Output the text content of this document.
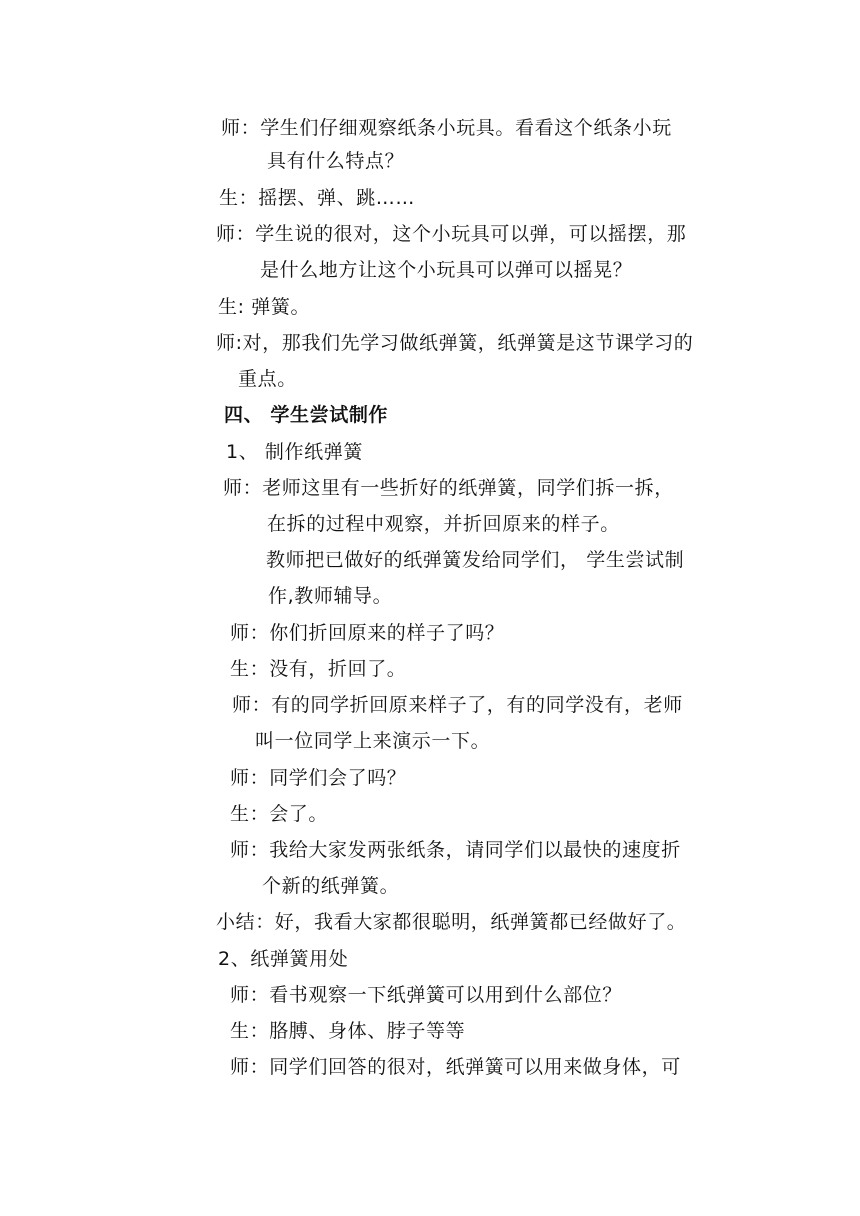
师：学生们仔细观察纸条小玩具。看看这个纸条小玩
具有什么特点？
生：摇摆、弹、跳……
师：学生说的很对，这个小玩具可以弹，可以摇摆，那
是什么地方让这个小玩具可以弹可以摇晃？
生: 弹簧。
师:对，那我们先学习做纸弹簧，纸弹簧是这节课学习的
重点。
四、 学生尝试制作
1、 制作纸弹簧
师：老师这里有一些折好的纸弹簧，同学们拆一拆，
在拆的过程中观察，并折回原来的样子。
教师把已做好的纸弹簧发给同学们， 学生尝试制
作,教师辅导。
师：你们折回原来的样子了吗？
生：没有，折回了。
师：有的同学折回原来样子了，有的同学没有，老师
叫一位同学上来演示一下。
师：同学们会了吗？
生：会了。
师：我给大家发两张纸条，请同学们以最快的速度折
个新的纸弹簧。
小结：好，我看大家都很聪明，纸弹簧都已经做好了。
2、纸弹簧用处
师：看书观察一下纸弹簧可以用到什么部位？
生：胳膊、身体、脖子等等
师：同学们回答的很对，纸弹簧可以用来做身体，可
